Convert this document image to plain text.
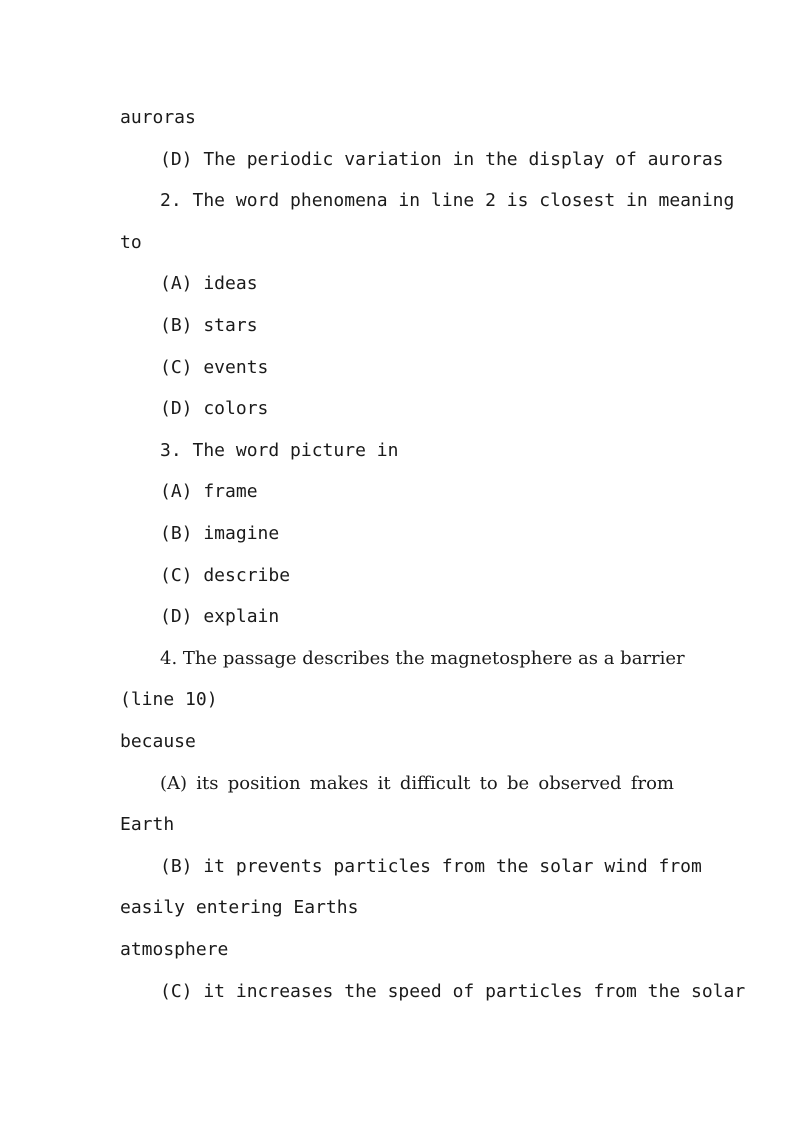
auroras
(D) The periodic variation in the display of auroras
2. The word phenomena in line 2 is closest in meaning
to
(A) ideas
(B) stars
(C) events
(D) colors
3. The word picture in
(A) frame
(B) imagine
(C) describe
(D) explain
4. The passage describes the magnetosphere as a barrier
(line 10)
because
(A) its position makes it difficult to be observed from
Earth
(B) it prevents particles from the solar wind from
easily entering Earths
atmosphere
(C) it increases the speed of particles from the solar
